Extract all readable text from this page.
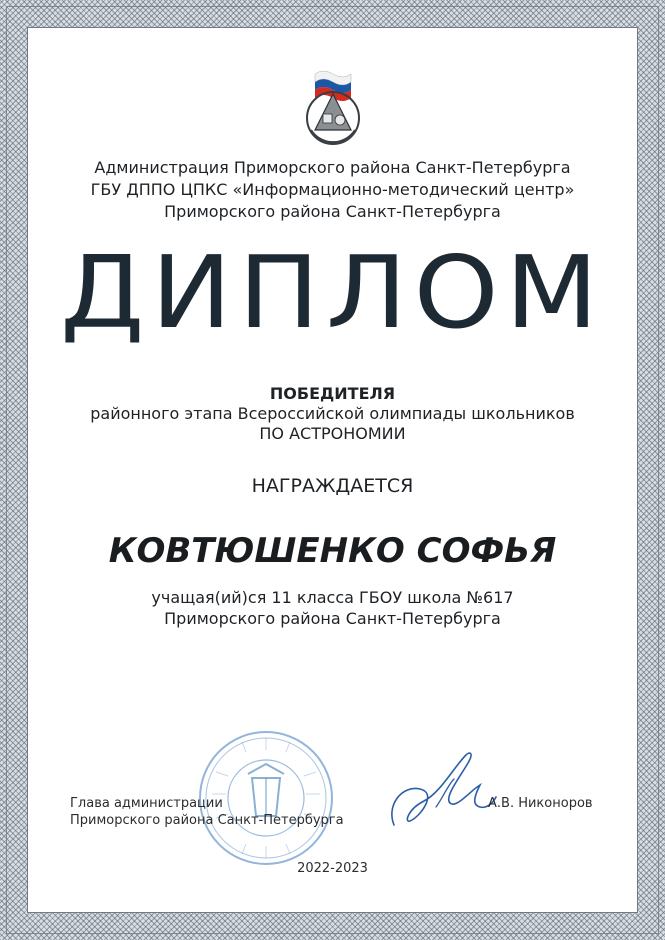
Администрация Приморского района Санкт-Петербурга
ГБУ ДППО ЦПКС «Информационно-методический центр»
Приморского района Санкт-Петербурга
ДИПЛОМ
ПОБЕДИТЕЛЯ
районного этапа Всероссийской олимпиады школьников
ПО АСТРОНОМИИ
НАГРАЖДАЕТСЯ
КОВТЮШЕНКО СОФЬЯ
учащая(ий)ся 11 класса ГБОУ школа №617
Приморского района Санкт-Петербурга
Глава администрации
Приморского района Санкт-Петербурга
А.В. Никоноров
2022-2023
